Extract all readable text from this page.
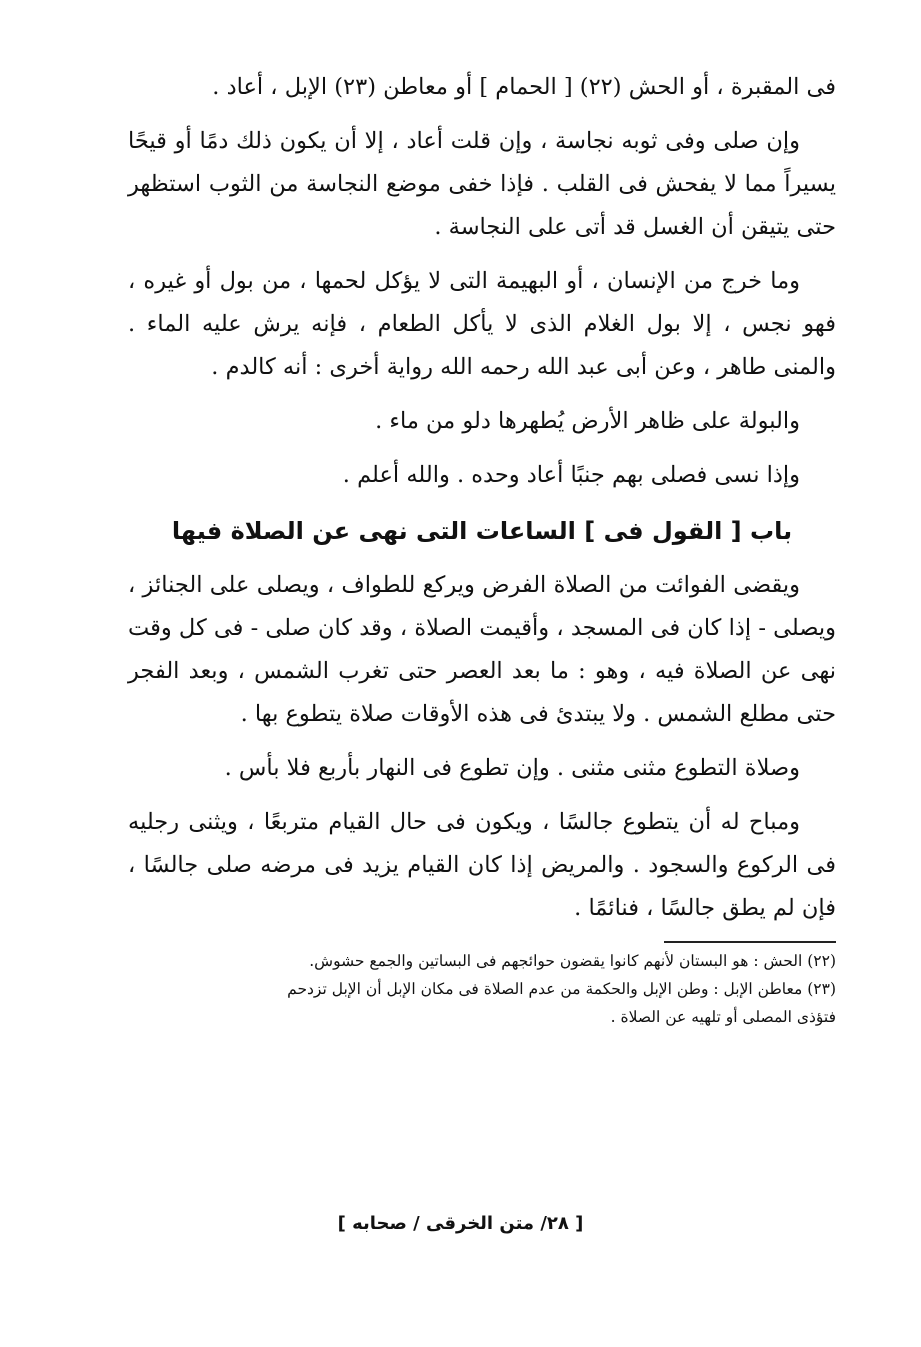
فى المقبرة ، أو الحش (٢٢) [ الحمام ] أو معاطن (٢٣) الإبل ، أعاد .

وإن صلى وفى ثوبه نجاسة ، وإن قلت أعاد ، إلا أن يكون ذلك دمًا أو قيحًا يسيراً مما لا يفحش فى القلب . فإذا خفى موضع النجاسة من الثوب استظهر حتى يتيقن أن الغسل قد أتى على النجاسة .

وما خرج من الإنسان ، أو البهيمة التى لا يؤكل لحمها ، من بول أو غيره ، فهو نجس ، إلا بول الغلام الذى لا يأكل الطعام ، فإنه يرش عليه الماء . والمنى طاهر ، وعن أبى عبد الله رحمه الله رواية أخرى : أنه كالدم .

والبولة على ظاهر الأرض يُطهرها دلو من ماء .

وإذا نسى فصلى بهم جنبًا أعاد وحده . والله أعلم .

باب [ القول فى ] الساعات التى نهى عن الصلاة فيها

ويقضى الفوائت من الصلاة الفرض ويركع للطواف ، ويصلى على الجنائز ، ويصلى - إذا كان فى المسجد ، وأقيمت الصلاة ، وقد كان صلى - فى كل وقت نهى عن الصلاة فيه ، وهو : ما بعد العصر حتى تغرب الشمس ، وبعد الفجر حتى مطلع الشمس . ولا يبتدئ فى هذه الأوقات صلاة يتطوع بها .

وصلاة التطوع مثنى مثنى . وإن تطوع فى النهار بأربع فلا بأس .

ومباح له أن يتطوع جالسًا ، ويكون فى حال القيام متربعًا ، ويثنى رجليه فى الركوع والسجود . والمريض إذا كان القيام يزيد فى مرضه صلى جالسًا ، فإن لم يطق جالسًا ، فنائمًا .

(٢٢) الحش : هو البستان لأنهم كانوا يقضون حوائجهم فى البساتين والجمع حشوش.

(٢٣) معاطن الإبل : وطن الإبل والحكمة من عدم الصلاة فى مكان الإبل أن الإبل تزدحم

فتؤذى المصلى أو تلهيه عن الصلاة .

[ ٢٨/ متن الخرقى / صحابه ]
